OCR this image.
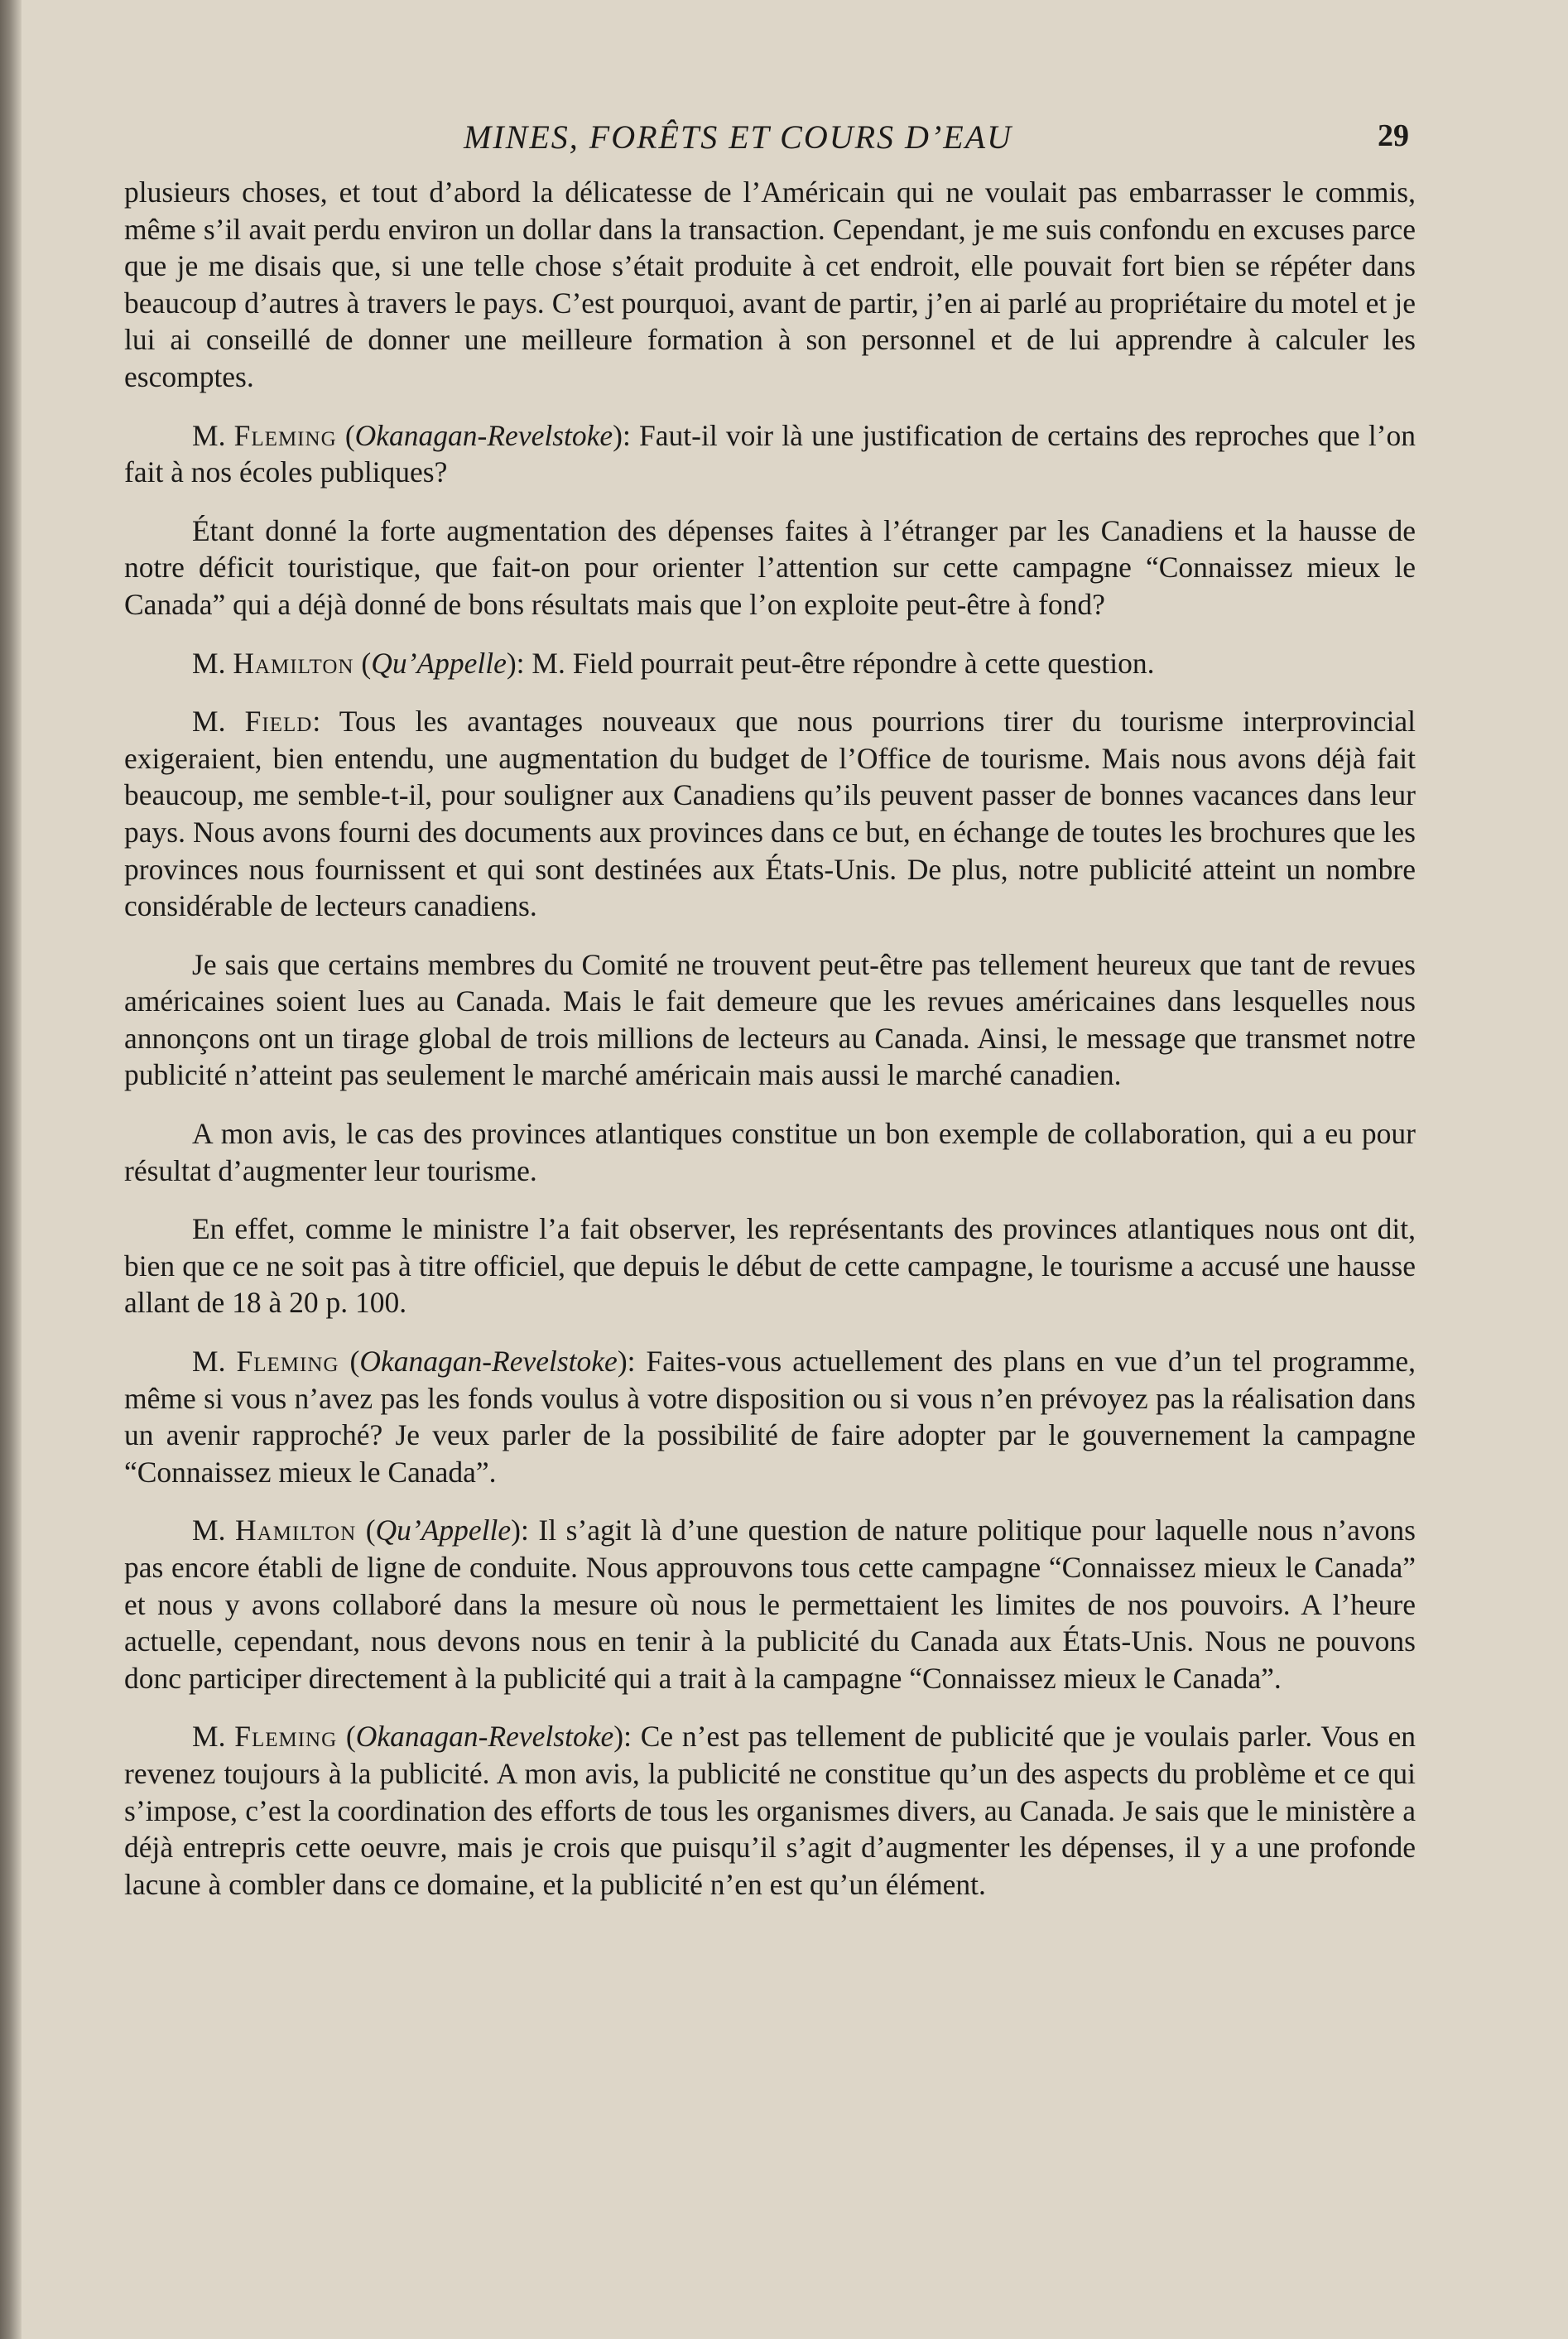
MINES, FORÊTS ET COURS D’EAU	29

plusieurs choses, et tout d’abord la délicatesse de l’Américain qui ne voulait pas embarrasser le commis, même s’il avait perdu environ un dollar dans la transaction. Cependant, je me suis confondu en excuses parce que je me disais que, si une telle chose s’était produite à cet endroit, elle pouvait fort bien se répéter dans beaucoup d’autres à travers le pays. C’est pourquoi, avant de partir, j’en ai parlé au propriétaire du motel et je lui ai conseillé de donner une meilleure formation à son personnel et de lui apprendre à calculer les escomptes.

M. Fleming (Okanagan-Revelstoke): Faut-il voir là une justification de certains des reproches que l’on fait à nos écoles publiques?

Étant donné la forte augmentation des dépenses faites à l’étranger par les Canadiens et la hausse de notre déficit touristique, que fait-on pour orienter l’attention sur cette campagne “Connaissez mieux le Canada” qui a déjà donné de bons résultats mais que l’on exploite peut-être à fond?

M. Hamilton (Qu’Appelle): M. Field pourrait peut-être répondre à cette question.

M. Field: Tous les avantages nouveaux que nous pourrions tirer du tourisme interprovincial exigeraient, bien entendu, une augmentation du budget de l’Office de tourisme. Mais nous avons déjà fait beaucoup, me semble-t-il, pour souligner aux Canadiens qu’ils peuvent passer de bonnes vacances dans leur pays. Nous avons fourni des documents aux provinces dans ce but, en échange de toutes les brochures que les provinces nous fournissent et qui sont destinées aux États-Unis. De plus, notre publicité atteint un nombre considérable de lecteurs canadiens.

Je sais que certains membres du Comité ne trouvent peut-être pas tellement heureux que tant de revues américaines soient lues au Canada. Mais le fait demeure que les revues américaines dans lesquelles nous annonçons ont un tirage global de trois millions de lecteurs au Canada. Ainsi, le message que transmet notre publicité n’atteint pas seulement le marché américain mais aussi le marché canadien.

A mon avis, le cas des provinces atlantiques constitue un bon exemple de collaboration, qui a eu pour résultat d’augmenter leur tourisme.

En effet, comme le ministre l’a fait observer, les représentants des provinces atlantiques nous ont dit, bien que ce ne soit pas à titre officiel, que depuis le début de cette campagne, le tourisme a accusé une hausse allant de 18 à 20 p. 100.

M. Fleming (Okanagan-Revelstoke): Faites-vous actuellement des plans en vue d’un tel programme, même si vous n’avez pas les fonds voulus à votre disposition ou si vous n’en prévoyez pas la réalisation dans un avenir rapproché? Je veux parler de la possibilité de faire adopter par le gouvernement la campagne “Connaissez mieux le Canada”.

M. Hamilton (Qu’Appelle): Il s’agit là d’une question de nature politique pour laquelle nous n’avons pas encore établi de ligne de conduite. Nous approuvons tous cette campagne “Connaissez mieux le Canada” et nous y avons collaboré dans la mesure où nous le permettaient les limites de nos pouvoirs. A l’heure actuelle, cependant, nous devons nous en tenir à la publicité du Canada aux États-Unis. Nous ne pouvons donc participer directement à la publicité qui a trait à la campagne “Connaissez mieux le Canada”.

M. Fleming (Okanagan-Revelstoke): Ce n’est pas tellement de publicité que je voulais parler. Vous en revenez toujours à la publicité. A mon avis, la publicité ne constitue qu’un des aspects du problème et ce qui s’impose, c’est la coordination des efforts de tous les organismes divers, au Canada. Je sais que le ministère a déjà entrepris cette oeuvre, mais je crois que puisqu’il s’agit d’augmenter les dépenses, il y a une profonde lacune à combler dans ce domaine, et la publicité n’en est qu’un élément.
